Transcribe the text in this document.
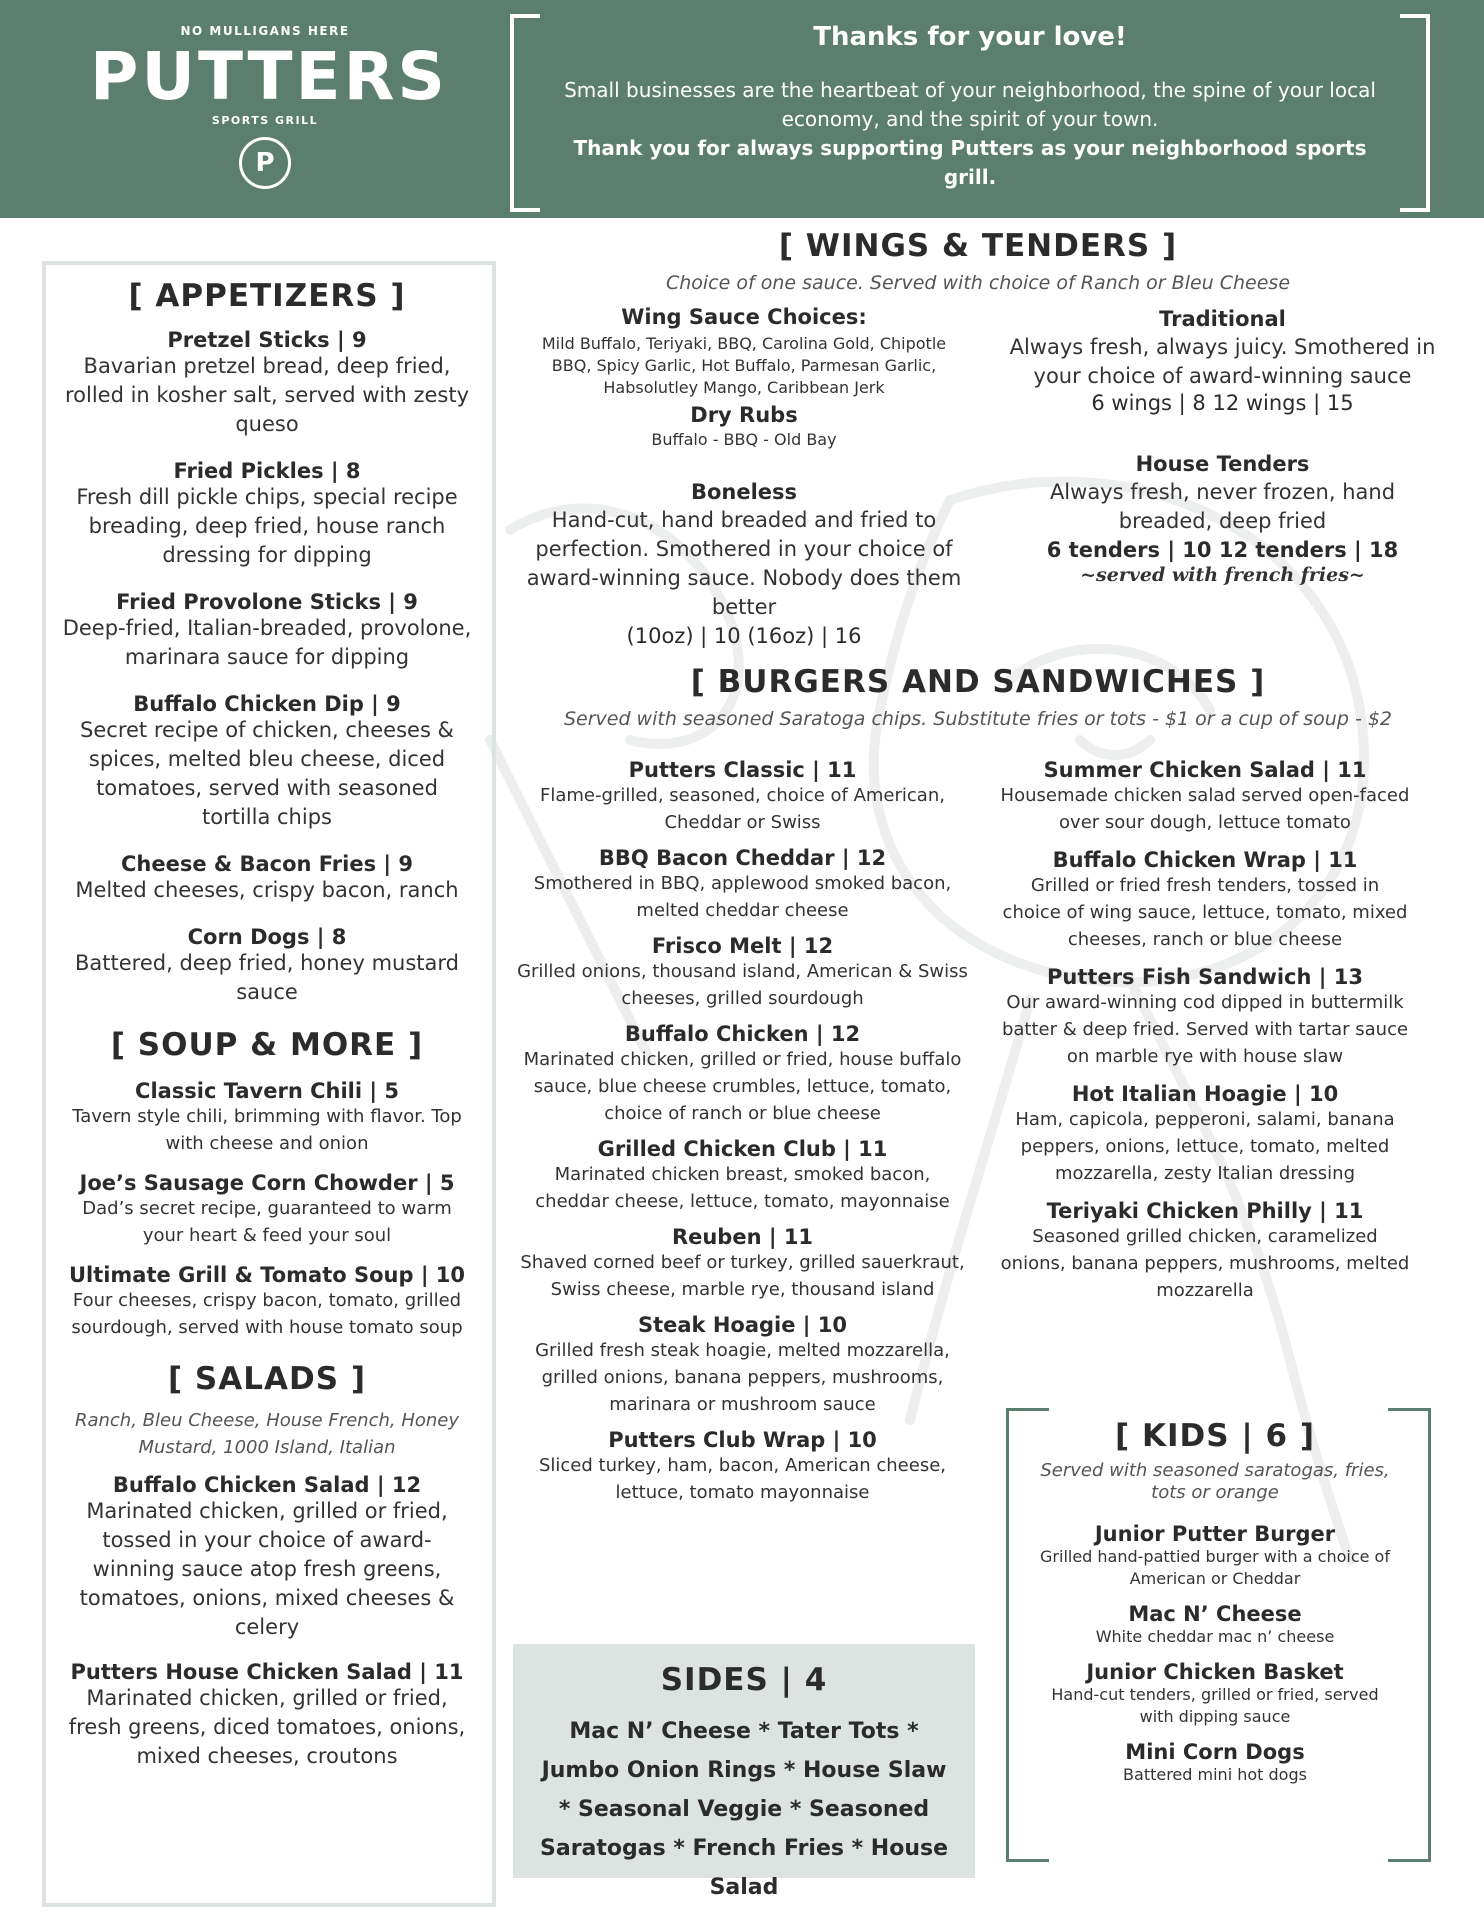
NO MULLIGANS HERE
PUTTERS
SPORTS GRILL
P
Thanks for your love!
Small businesses are the heartbeat of your neighborhood, the spine of your local economy, and the spirit of your town.
Thank you for always supporting Putters as your neighborhood sports grill.
[ APPETIZERS ]
Pretzel Sticks | 9
Bavarian pretzel bread, deep fried, rolled in kosher salt, served with zesty queso
Fried Pickles | 8
Fresh dill pickle chips, special recipe breading, deep fried, house ranch dressing for dipping
Fried Provolone Sticks | 9
Deep-fried, Italian-breaded, provolone, marinara sauce for dipping
Buffalo Chicken Dip | 9
Secret recipe of chicken, cheeses & spices, melted bleu cheese, diced tomatoes, served with seasoned tortilla chips
Cheese & Bacon Fries | 9
Melted cheeses, crispy bacon, ranch
Corn Dogs | 8
Battered, deep fried, honey mustard sauce
[ SOUP & MORE ]
Classic Tavern Chili | 5
Tavern style chili, brimming with flavor. Top with cheese and onion
Joe’s Sausage Corn Chowder | 5
Dad’s secret recipe, guaranteed to warm your heart & feed your soul
Ultimate Grill & Tomato Soup | 10
Four cheeses, crispy bacon, tomato, grilled sourdough, served with house tomato soup
[ SALADS ]
Ranch, Bleu Cheese, House French, Honey Mustard, 1000 Island, Italian
Buffalo Chicken Salad | 12
Marinated chicken, grilled or fried, tossed in your choice of award-winning sauce atop fresh greens, tomatoes, onions, mixed cheeses & celery
Putters House Chicken Salad | 11
Marinated chicken, grilled or fried, fresh greens, diced tomatoes, onions, mixed cheeses, croutons
[ WINGS & TENDERS ]
Choice of one sauce. Served with choice of Ranch or Bleu Cheese
Wing Sauce Choices:
Mild Buffalo, Teriyaki, BBQ, Carolina Gold, Chipotle BBQ, Spicy Garlic, Hot Buffalo, Parmesan Garlic, Habsolutley Mango, Caribbean Jerk
Dry Rubs
Buffalo - BBQ - Old Bay
Boneless
Hand-cut, hand breaded and fried to perfection. Smothered in your choice of award-winning sauce. Nobody does them better
(10oz) | 10 (16oz) | 16
Traditional
Always fresh, always juicy. Smothered in your choice of award-winning sauce
6 wings | 8 12 wings | 15
House Tenders
Always fresh, never frozen, hand breaded, deep fried
6 tenders | 10 12 tenders | 18
~served with french fries~
[ BURGERS AND SANDWICHES ]
Served with seasoned Saratoga chips. Substitute fries or tots - $1 or a cup of soup - $2
Putters Classic | 11
Flame-grilled, seasoned, choice of American, Cheddar or Swiss
BBQ Bacon Cheddar | 12
Smothered in BBQ, applewood smoked bacon, melted cheddar cheese
Frisco Melt | 12
Grilled onions, thousand island, American & Swiss cheeses, grilled sourdough
Buffalo Chicken | 12
Marinated chicken, grilled or fried, house buffalo sauce, blue cheese crumbles, lettuce, tomato, choice of ranch or blue cheese
Grilled Chicken Club | 11
Marinated chicken breast, smoked bacon, cheddar cheese, lettuce, tomato, mayonnaise
Reuben | 11
Shaved corned beef or turkey, grilled sauerkraut, Swiss cheese, marble rye, thousand island
Steak Hoagie | 10
Grilled fresh steak hoagie, melted mozzarella, grilled onions, banana peppers, mushrooms, marinara or mushroom sauce
Putters Club Wrap | 10
Sliced turkey, ham, bacon, American cheese, lettuce, tomato mayonnaise
Summer Chicken Salad | 11
Housemade chicken salad served open-faced over sour dough, lettuce tomato
Buffalo Chicken Wrap | 11
Grilled or fried fresh tenders, tossed in choice of wing sauce, lettuce, tomato, mixed cheeses, ranch or blue cheese
Putters Fish Sandwich | 13
Our award-winning cod dipped in buttermilk batter & deep fried. Served with tartar sauce on marble rye with house slaw
Hot Italian Hoagie | 10
Ham, capicola, pepperoni, salami, banana peppers, onions, lettuce, tomato, melted mozzarella, zesty Italian dressing
Teriyaki Chicken Philly | 11
Seasoned grilled chicken, caramelized onions, banana peppers, mushrooms, melted mozzarella
SIDES | 4
Mac N’ Cheese * Tater Tots * Jumbo Onion Rings * House Slaw * Seasonal Veggie * Seasoned Saratogas * French Fries * House Salad
[ KIDS | 6 ]
Served with seasoned saratogas, fries, tots or orange
Junior Putter Burger
Grilled hand-pattied burger with a choice of American or Cheddar
Mac N’ Cheese
White cheddar mac n’ cheese
Junior Chicken Basket
Hand-cut tenders, grilled or fried, served with dipping sauce
Mini Corn Dogs
Battered mini hot dogs
